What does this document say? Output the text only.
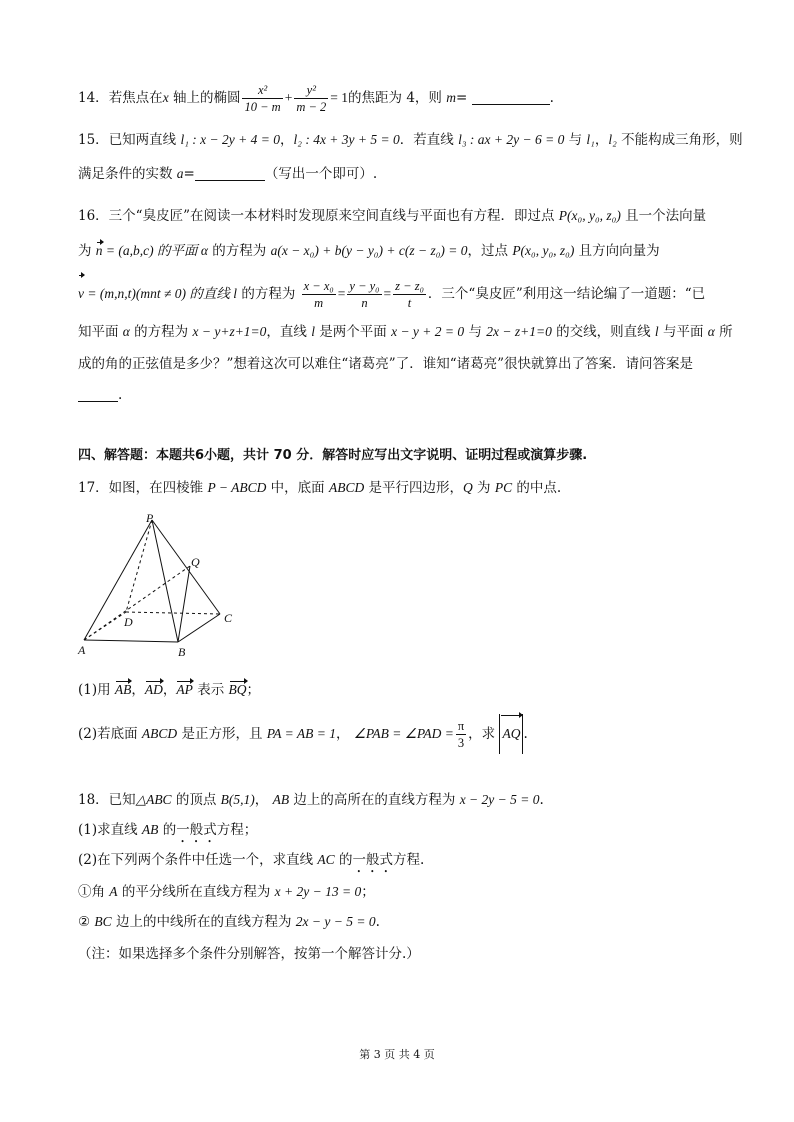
14．若焦点在x 轴上的椭圆 $\frac{\text{x²}}{10 - m} + \frac{\text{y²}}{m - 2} = 1$的焦距为 4，则 m=	.
15．已知两直线 l₁ : x − 2y + 4 = 0，l₂ : 4x + 3y + 5 = 0．若直线 l₃ : ax + 2y − 6 = 0 与 l₁，l₂ 不能构成三角形，则
满足条件的实数 a=	（写出一个即可）.
16．三个“臭皮匠”在阅读一本材料时发现原来空间直线与平面也有方程．即过点 P(x₀, y₀, z₀) 且一个法向量
为 n = (a,b,c) 的平面 α 的方程为 a(x − x₀) + b(y − y₀) + c(z − z₀) = 0，过点 P(x₀, y₀, z₀) 且方向向量为
v = (m,n,t)(mnt ≠ 0) 的直线 l 的方程为 $\frac{\text{x − x₀}}{m} = \frac{\text{y − y₀}}{n} = \frac{\text{z − z₀}}{t}$ ．三个“臭皮匠”利用这一结论编了一道题：“已
知平面 α 的方程为 x − y+z+1=0，直线 l 是两个平面 x − y + 2 = 0 与 2x − z+1=0 的交线，则直线 l 与平面 α 所
成的角的正弦值是多少？”想着这次可以难住“诸葛亮”了．谁知“诸葛亮”很快就算出了答案．请问答案是
.
四、解答题：本题共6小题，共计 70 分．解答时应写出文字说明、证明过程或演算步骤.
17．如图，在四棱锥 P − ABCD 中，底面 ABCD 是平行四边形，Q 为 PC 的中点.
P
Q
D	C
A	B
(1)用 AB，AD，AP 表示 BQ；
(2)若底面 ABCD 是正方形，且 PA = AB = 1， ∠PAB = ∠PAD = $\frac{\pi}{3}$ ，求 AQ .
18．已知△ABC 的顶点 B(5,1)， AB 边上的高所在的直线方程为 x − 2y − 5 = 0.
(1)求直线 AB 的一般式方程；
(2)在下列两个条件中任选一个，求直线 AC 的一般式方程.
①角 A 的平分线所在直线方程为 x + 2y − 13 = 0；
② BC 边上的中线所在的直线方程为 2x − y − 5 = 0.
（注：如果选择多个条件分别解答，按第一个解答计分.）
第 3 页 共 4 页
